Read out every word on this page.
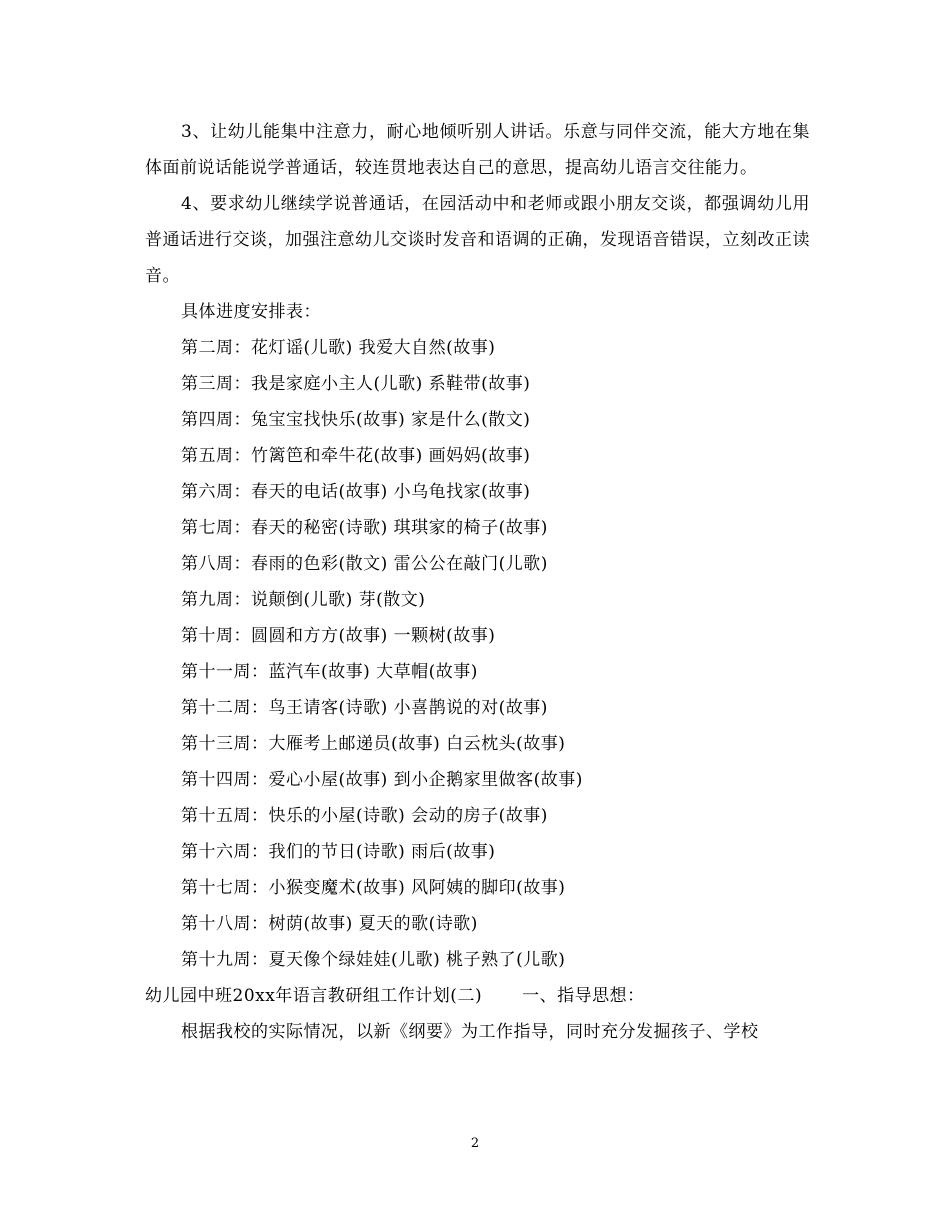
3、让幼儿能集中注意力，耐心地倾听别人讲话。乐意与同伴交流，能大方地在集体面前说话能说学普通话，较连贯地表达自己的意思，提高幼儿语言交往能力。

4、要求幼儿继续学说普通话，在园活动中和老师或跟小朋友交谈，都强调幼儿用普通话进行交谈，加强注意幼儿交谈时发音和语调的正确，发现语音错误，立刻改正读音。

具体进度安排表：

第二周：花灯谣(儿歌) 我爱大自然(故事)
第三周：我是家庭小主人(儿歌) 系鞋带(故事)
第四周：兔宝宝找快乐(故事) 家是什么(散文)
第五周：竹篱笆和牵牛花(故事) 画妈妈(故事)
第六周：春天的电话(故事) 小乌龟找家(故事)
第七周：春天的秘密(诗歌) 琪琪家的椅子(故事)
第八周：春雨的色彩(散文) 雷公公在敲门(儿歌)
第九周：说颠倒(儿歌) 芽(散文)
第十周：圆圆和方方(故事) 一颗树(故事)
第十一周：蓝汽车(故事) 大草帽(故事)
第十二周：鸟王请客(诗歌) 小喜鹊说的对(故事)
第十三周：大雁考上邮递员(故事) 白云枕头(故事)
第十四周：爱心小屋(故事) 到小企鹅家里做客(故事)
第十五周：快乐的小屋(诗歌) 会动的房子(故事)
第十六周：我们的节日(诗歌) 雨后(故事)
第十七周：小猴变魔术(故事) 风阿姨的脚印(故事)
第十八周：树荫(故事) 夏天的歌(诗歌)
第十九周：夏天像个绿娃娃(儿歌) 桃子熟了(儿歌)

幼儿园中班20xx年语言教研组工作计划(二) 一、指导思想：

根据我校的实际情况，以新《纲要》为工作指导，同时充分发掘孩子、学校

2
